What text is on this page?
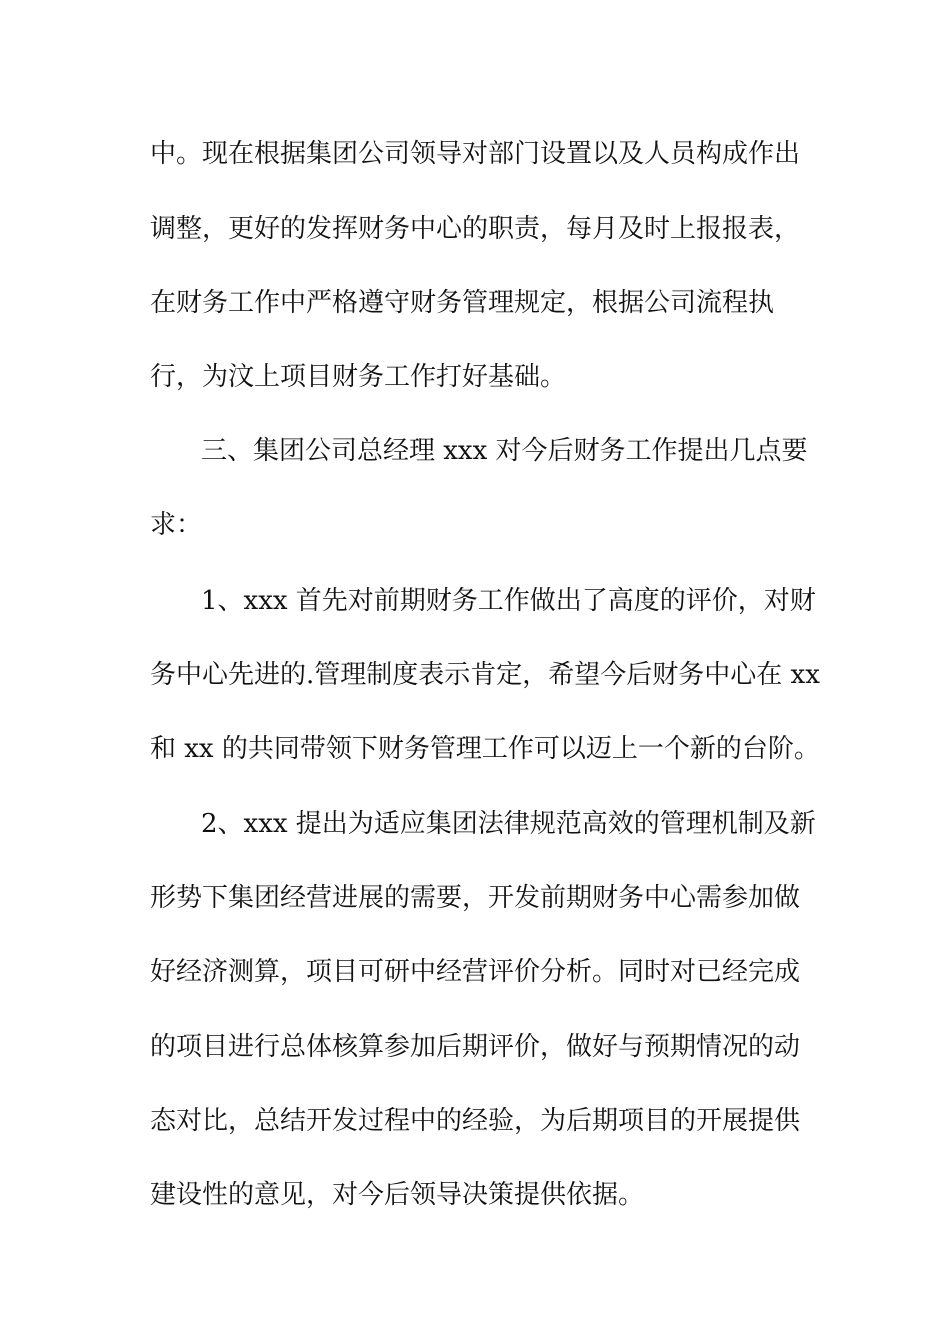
中。现在根据集团公司领导对部门设置以及人员构成作出
调整，更好的发挥财务中心的职责，每月及时上报报表，
在财务工作中严格遵守财务管理规定，根据公司流程执
行，为汶上项目财务工作打好基础。
三、集团公司总经理 xxx 对今后财务工作提出几点要
求：
1、xxx 首先对前期财务工作做出了高度的评价，对财
务中心先进的.管理制度表示肯定，希望今后财务中心在 xx
和 xx 的共同带领下财务管理工作可以迈上一个新的台阶。
2、xxx 提出为适应集团法律规范高效的管理机制及新
形势下集团经营进展的需要，开发前期财务中心需参加做
好经济测算，项目可研中经营评价分析。同时对已经完成
的项目进行总体核算参加后期评价，做好与预期情况的动
态对比，总结开发过程中的经验，为后期项目的开展提供
建设性的意见，对今后领导决策提供依据。
